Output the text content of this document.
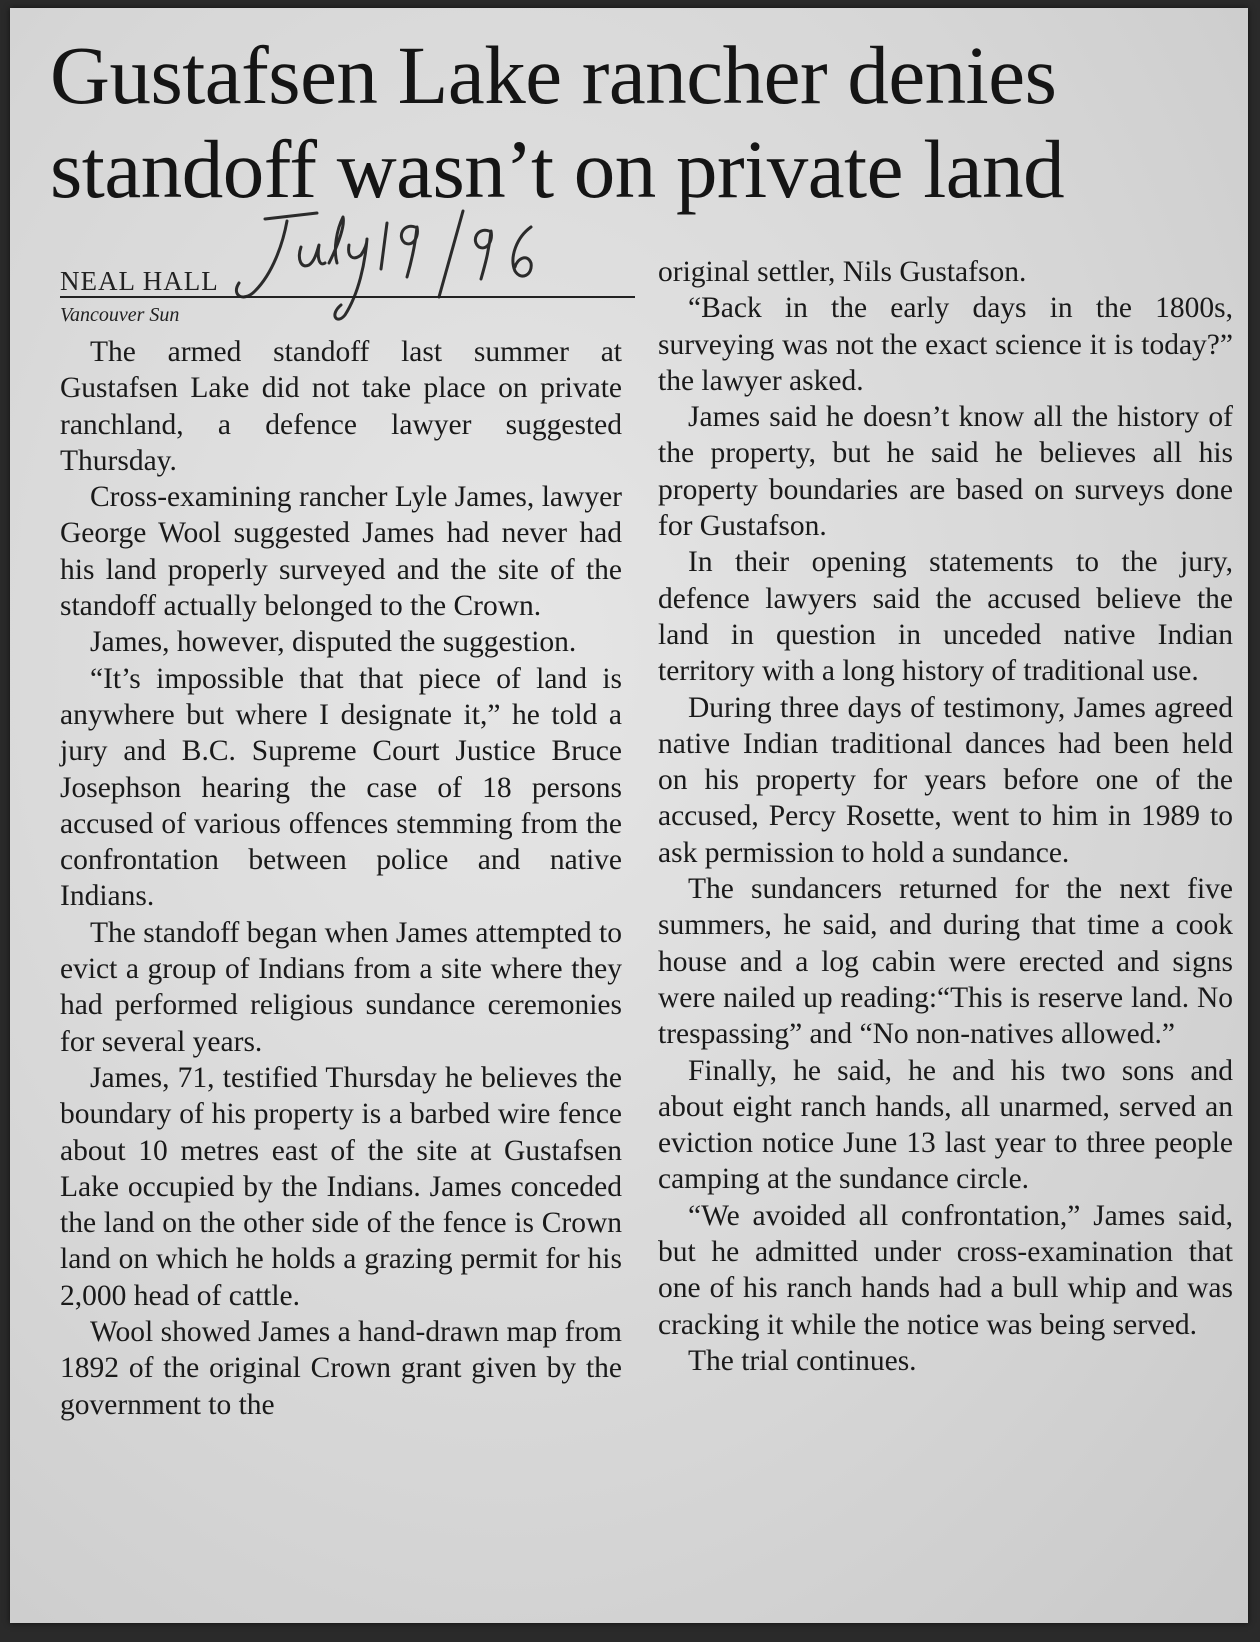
Gustafsen Lake rancher denies
standoff wasn’t on private land
NEAL HALL
Vancouver Sun

The armed standoff last summer at Gustafsen Lake did not take place on private ranchland, a defence lawyer suggested Thursday.

Cross-examining rancher Lyle James, lawyer George Wool suggested James had never had his land properly surveyed and the site of the standoff actually belonged to the Crown.

James, however, disputed the suggestion.

“It’s impossible that that piece of land is anywhere but where I designate it,” he told a jury and B.C. Supreme Court Justice Bruce Josephson hearing the case of 18 persons accused of various offences stemming from the confrontation between police and native Indians.

The standoff began when James attempted to evict a group of Indians from a site where they had performed religious sundance ceremonies for several years.

James, 71, testified Thursday he believes the boundary of his property is a barbed wire fence about 10 metres east of the site at Gustafsen Lake occupied by the Indians. James conceded the land on the other side of the fence is Crown land on which he holds a grazing permit for his 2,000 head of cattle.

Wool showed James a hand-drawn map from 1892 of the original Crown grant given by the government to the

original settler, Nils Gustafson.

“Back in the early days in the 1800s, surveying was not the exact science it is today?” the lawyer asked.

James said he doesn’t know all the history of the property, but he said he believes all his property boundaries are based on surveys done for Gustafson.

In their opening statements to the jury, defence lawyers said the accused believe the land in question in unceded native Indian territory with a long history of traditional use.

During three days of testimony, James agreed native Indian traditional dances had been held on his property for years before one of the accused, Percy Rosette, went to him in 1989 to ask permission to hold a sundance.

The sundancers returned for the next five summers, he said, and during that time a cook house and a log cabin were erected and signs were nailed up reading:“This is reserve land. No trespassing” and “No non-natives allowed.”

Finally, he said, he and his two sons and about eight ranch hands, all unarmed, served an eviction notice June 13 last year to three people camping at the sundance circle.

“We avoided all confrontation,” James said, but he admitted under cross-examination that one of his ranch hands had a bull whip and was cracking it while the notice was being served.

The trial continues.
